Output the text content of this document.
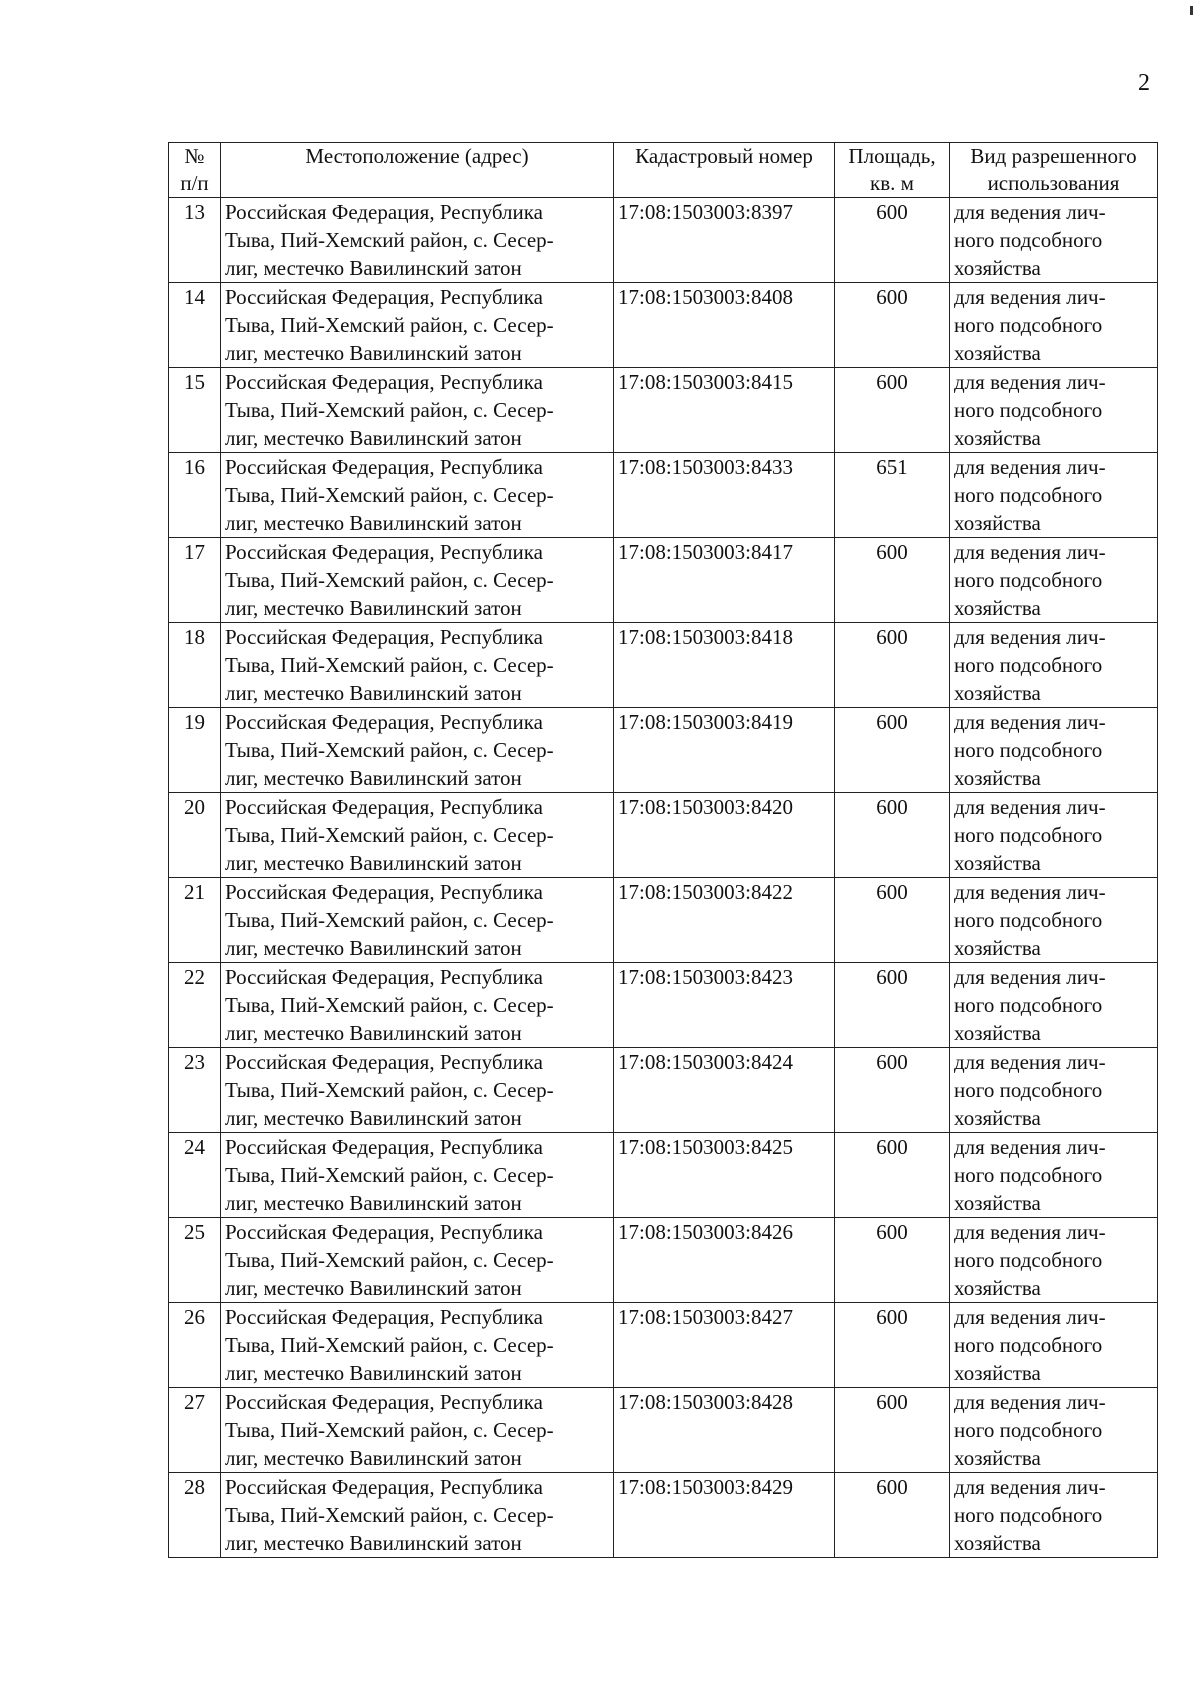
2
№
п/п	Местоположение (адрес)	Кадастровый номер	Площадь,
кв. м	Вид разрешенного
использования

13	Российская Федерация, Республика
Тыва, Пий-Хемский район, с. Сесер-
лиг, местечко Вавилинский затон	17:08:1503003:8397	600	для ведения лич-
ного подсобного
хозяйства

14	Российская Федерация, Республика
Тыва, Пий-Хемский район, с. Сесер-
лиг, местечко Вавилинский затон	17:08:1503003:8408	600	для ведения лич-
ного подсобного
хозяйства

15	Российская Федерация, Республика
Тыва, Пий-Хемский район, с. Сесер-
лиг, местечко Вавилинский затон	17:08:1503003:8415	600	для ведения лич-
ного подсобного
хозяйства

16	Российская Федерация, Республика
Тыва, Пий-Хемский район, с. Сесер-
лиг, местечко Вавилинский затон	17:08:1503003:8433	651	для ведения лич-
ного подсобного
хозяйства

17	Российская Федерация, Республика
Тыва, Пий-Хемский район, с. Сесер-
лиг, местечко Вавилинский затон	17:08:1503003:8417	600	для ведения лич-
ного подсобного
хозяйства

18	Российская Федерация, Республика
Тыва, Пий-Хемский район, с. Сесер-
лиг, местечко Вавилинский затон	17:08:1503003:8418	600	для ведения лич-
ного подсобного
хозяйства

19	Российская Федерация, Республика
Тыва, Пий-Хемский район, с. Сесер-
лиг, местечко Вавилинский затон	17:08:1503003:8419	600	для ведения лич-
ного подсобного
хозяйства

20	Российская Федерация, Республика
Тыва, Пий-Хемский район, с. Сесер-
лиг, местечко Вавилинский затон	17:08:1503003:8420	600	для ведения лич-
ного подсобного
хозяйства

21	Российская Федерация, Республика
Тыва, Пий-Хемский район, с. Сесер-
лиг, местечко Вавилинский затон	17:08:1503003:8422	600	для ведения лич-
ного подсобного
хозяйства

22	Российская Федерация, Республика
Тыва, Пий-Хемский район, с. Сесер-
лиг, местечко Вавилинский затон	17:08:1503003:8423	600	для ведения лич-
ного подсобного
хозяйства

23	Российская Федерация, Республика
Тыва, Пий-Хемский район, с. Сесер-
лиг, местечко Вавилинский затон	17:08:1503003:8424	600	для ведения лич-
ного подсобного
хозяйства

24	Российская Федерация, Республика
Тыва, Пий-Хемский район, с. Сесер-
лиг, местечко Вавилинский затон	17:08:1503003:8425	600	для ведения лич-
ного подсобного
хозяйства

25	Российская Федерация, Республика
Тыва, Пий-Хемский район, с. Сесер-
лиг, местечко Вавилинский затон	17:08:1503003:8426	600	для ведения лич-
ного подсобного
хозяйства

26	Российская Федерация, Республика
Тыва, Пий-Хемский район, с. Сесер-
лиг, местечко Вавилинский затон	17:08:1503003:8427	600	для ведения лич-
ного подсобного
хозяйства

27	Российская Федерация, Республика
Тыва, Пий-Хемский район, с. Сесер-
лиг, местечко Вавилинский затон	17:08:1503003:8428	600	для ведения лич-
ного подсобного
хозяйства

28	Российская Федерация, Республика
Тыва, Пий-Хемский район, с. Сесер-
лиг, местечко Вавилинский затон	17:08:1503003:8429	600	для ведения лич-
ного подсобного
хозяйства
